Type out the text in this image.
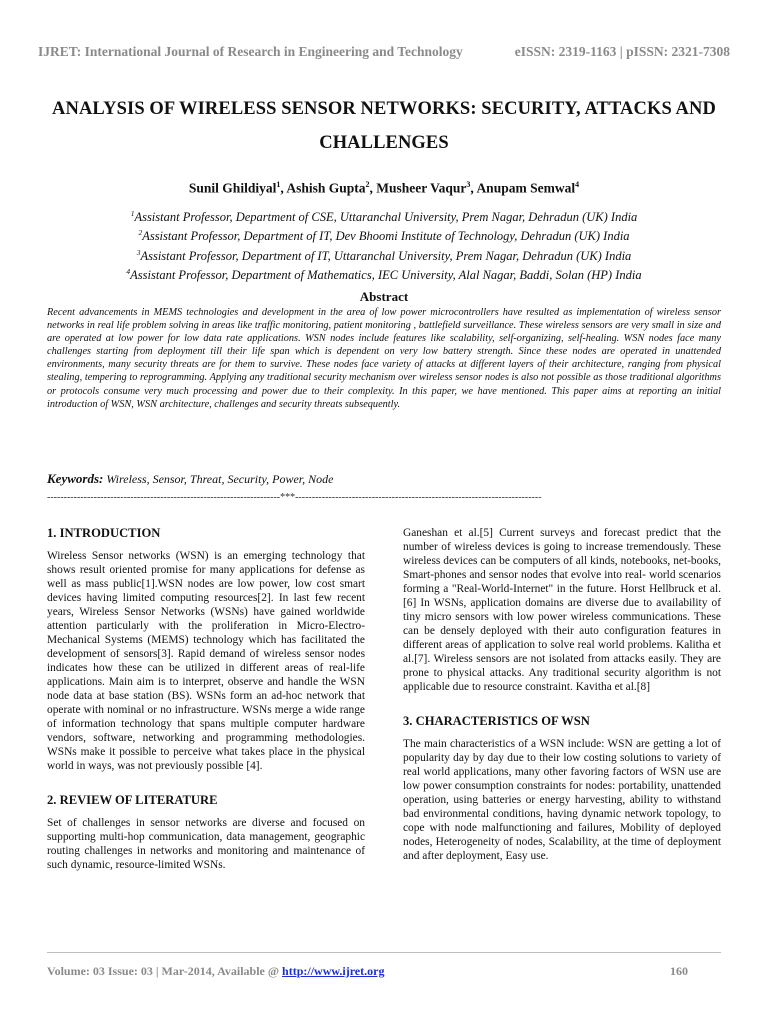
IJRET: International Journal of Research in Engineering and Technology	eISSN: 2319-1163 | pISSN: 2321-7308
ANALYSIS OF WIRELESS SENSOR NETWORKS: SECURITY, ATTACKS AND CHALLENGES
Sunil Ghildiyal$^1$, Ashish Gupta$^2$, Musheer Vaqur$^3$, Anupam Semwal$^4$
$^1$Assistant Professor, Department of CSE, Uttaranchal University, Prem Nagar, Dehradun (UK) India
$^2$Assistant Professor, Department of IT, Dev Bhoomi Institute of Technology, Dehradun (UK) India
$^3$Assistant Professor, Department of IT, Uttaranchal University, Prem Nagar, Dehradun (UK) India
$^4$Assistant Professor, Department of Mathematics, IEC University, Alal Nagar, Baddi, Solan (HP) India
Abstract
Recent advancements in MEMS technologies and development in the area of low power microcontrollers have resulted as implementation of wireless sensor networks in real life problem solving in areas like traffic monitoring, patient monitoring , battlefield surveillance. These wireless sensors are very small in size and are operated at low power for low data rate applications. WSN nodes include features like scalability, self-organizing, self-healing. WSN nodes face many challenges starting from deployment till their life span which is dependent on very low battery strength. Since these nodes are operated in unattended environments, many security threats are for them to survive. These nodes face variety of attacks at different layers of their architecture, ranging from physical stealing, tempering to reprogramming. Applying any traditional security mechanism over wireless sensor nodes is also not possible as those traditional algorithms or protocols consume very much processing and power due to their complexity. In this paper, we have mentioned. This paper aims at reporting an initial introduction of WSN, WSN architecture, challenges and security threats subsequently.
Keywords: Wireless, Sensor, Threat, Security, Power, Node
----------------------------------------------------------------------***--------------------------------------------------------------------------
1. INTRODUCTION

Wireless Sensor networks (WSN) is an emerging technology that shows result oriented promise for many applications for defense as well as mass public[1].WSN nodes are low power, low cost smart devices having limited computing resources[2]. In last few recent years, Wireless Sensor Networks (WSNs) have gained worldwide attention particularly with the proliferation in Micro-Electro-Mechanical Systems (MEMS) technology which has facilitated the development of sensors[3]. Rapid demand of wireless sensor nodes indicates how these can be utilized in different areas of real-life applications. Main aim is to interpret, observe and handle the WSN node data at base station (BS). WSNs form an ad-hoc network that operate with nominal or no infrastructure. WSNs merge a wide range of information technology that spans multiple computer hardware vendors, software, networking and programming methodologies. WSNs make it possible to perceive what takes place in the physical world in ways, was not previously possible [4].

2. REVIEW OF LITERATURE

Set of challenges in sensor networks are diverse and focused on supporting multi-hop communication, data management, geographic routing challenges in networks and monitoring and maintenance of such dynamic, resource-limited WSNs.

Ganeshan et al.[5] Current surveys and forecast predict that the number of wireless devices is going to increase tremendously. These wireless devices can be computers of all kinds, notebooks, net-books, Smart-phones and sensor nodes that evolve into real- world scenarios forming a "Real-World-Internet" in the future. Horst Hellbruck et al.[6] In WSNs, application domains are diverse due to availability of tiny micro sensors with low power wireless communications. These can be densely deployed with their auto configuration features in different areas of application to solve real world problems. Kalitha et al.[7]. Wireless sensors are not isolated from attacks easily. They are prone to physical attacks. Any traditional security algorithm is not applicable due to resource constraint. Kavitha et al.[8]

3. CHARACTERISTICS OF WSN

The main characteristics of a WSN include: WSN are getting a lot of popularity day by day due to their low costing solutions to variety of real world applications, many other favoring factors of WSN use are low power consumption constraints for nodes: portability, unattended operation, using batteries or energy harvesting, ability to withstand bad environmental conditions, having dynamic network topology, to cope with node malfunctioning and failures, Mobility of deployed nodes, Heterogeneity of nodes, Scalability, at the time of deployment and after deployment, Easy use.

Volume: 03 Issue: 03 | Mar-2014, Available @ http://www.ijret.org	160
